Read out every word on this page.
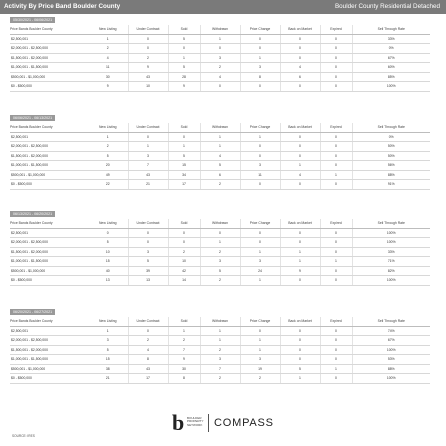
Activity By Price Band Boulder County	Boulder County Residential Detached
05/30/2021 - 06/06/2021
Price Bands Boulder County	New Listing	Under Contract	Sold	Withdrawn	Price Change	Back on Market	Expired	Sell Through Rate
$2,500,001	1	0	5	1	0	0	0	33%
$2,000,001 - $2,500,000	2	0	0	0	0	0	0	0%
$1,500,001 - $2,000,000	4	2	1	3	1	0	0	67%
$1,000,001 - $1,500,000	11	9	5	2	3	4	0	60%
$500,001 - $1,000,000	30	43	28	4	8	6	0	85%
$0 - $500,000	9	10	9	0	0	0	0	100%
06/06/2021 - 06/13/2021
Price Bands Boulder County	New Listing	Under Contract	Sold	Withdrawn	Price Change	Back on Market	Expired	Sell Through Rate
$2,500,001	1	0	0	1	1	0	0	0%
$2,000,001 - $2,500,000	2	1	1	1	0	0	0	50%
$1,500,001 - $2,000,000	5	3	5	4	0	0	0	50%
$1,000,001 - $1,500,000	20	7	15	5	3	1	0	56%
$500,001 - $1,000,000	49	43	34	6	11	4	1	88%
$0 - $500,000	22	21	17	2	0	0	0	91%
06/13/2021 - 06/20/2021
Price Bands Boulder County	New Listing	Under Contract	Sold	Withdrawn	Price Change	Back on Market	Expired	Sell Through Rate
$2,500,001	0	0	0	0	0	0	0	100%
$2,000,001 - $2,500,000	5	0	0	1	0	0	0	100%
$1,500,001 - $2,000,000	10	3	2	2	1	1	0	33%
$1,000,001 - $1,500,000	15	5	10	3	3	1	1	71%
$500,001 - $1,000,000	40	39	42	5	24	9	0	82%
$0 - $500,000	13	13	14	2	1	0	0	100%
06/20/2021 - 06/27/2021
Price Bands Boulder County	New Listing	Under Contract	Sold	Withdrawn	Price Change	Back on Market	Expired	Sell Through Rate
$2,500,001	1	0	1	1	0	0	0	74%
$2,000,001 - $2,500,000	3	2	2	1	1	0	0	67%
$1,500,001 - $2,000,000	5	4	7	2	1	0	0	100%
$1,000,001 - $1,500,000	15	8	9	3	3	0	0	53%
$500,001 - $1,000,000	38	43	30	7	19	5	1	88%
$0 - $500,000	21	17	8	2	2	1	0	100%
b BOULDER PROPERTY NETWORK	COMPASS
SOURCE: IRES
